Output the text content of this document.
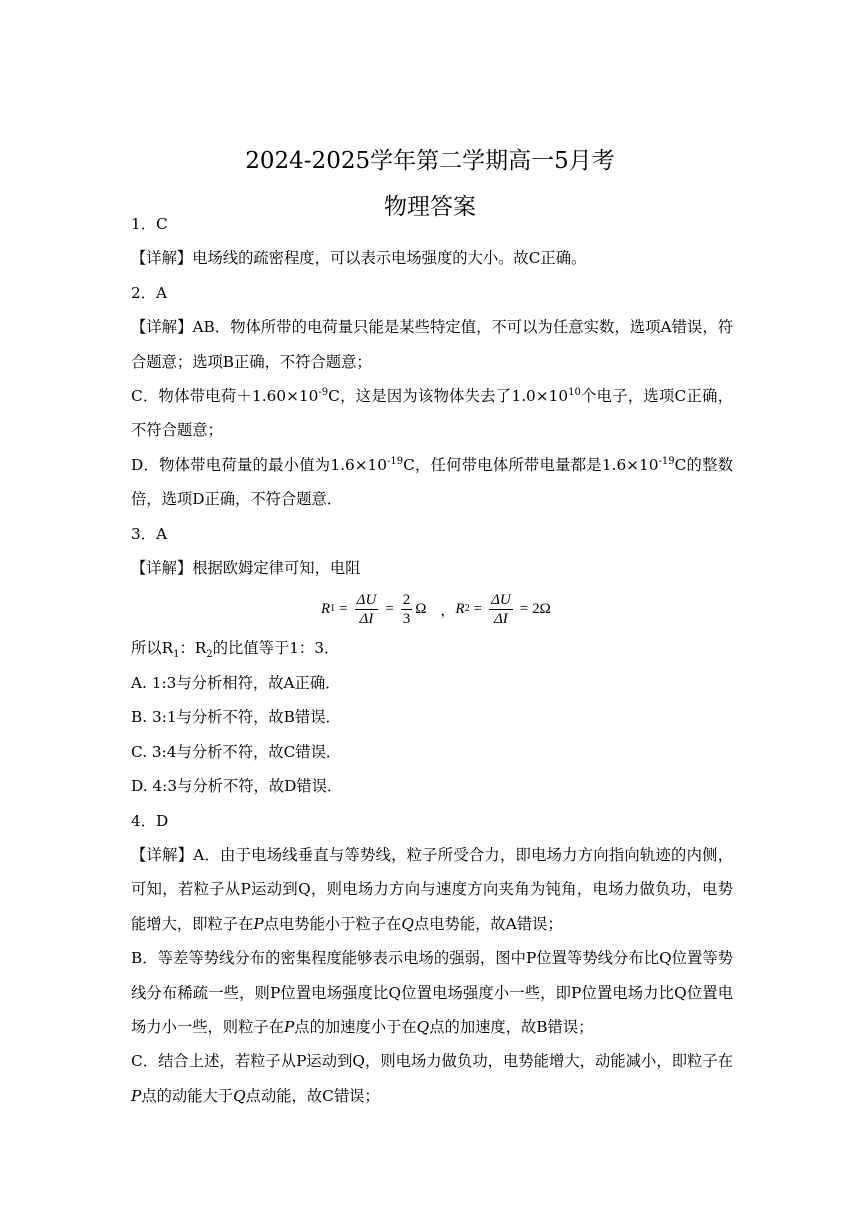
2024-2025学年第二学期高一5月考
物理答案

1．C

【详解】电场线的疏密程度，可以表示电场强度的大小。故C正确。

2．A

【详解】AB．物体所带的电荷量只能是某些特定值，不可以为任意实数，选项A错误，符合题意；选项B正确，不符合题意；

C．物体带电荷$+1.60\times 10^{-9}C$，这是因为该物体失去了$1.0\times 10^{10}$个电子，选项C正确，不符合题意；

D．物体带电荷量的最小值为$1.6\times 10^{-19}C$，任何带电体所带电量都是$1.6\times 10^{-19}C$的整数倍，选项D正确，不符合题意．

3．A

【详解】根据欧姆定律可知，电阻

R $1 = \frac{\Delta U}{\Delta I} = \frac{2}{3}$ Ω ， R $2 = \frac{\Delta U}{\Delta I} = 2\Omega$

所以$R_1$：$R_2$的比值等于1：3．

A. 1:3与分析相符，故A正确．

B. 3:1与分析不符，故B错误．

C. 3:4与分析不符，故C错误．

D. 4:3与分析不符，故D错误．

4．D

【详解】A．由于电场线垂直与等势线，粒子所受合力，即电场力方向指向轨迹的内侧，可知，若粒子从P运动到Q，则电场力方向与速度方向夹角为钝角，电场力做负功，电势能增大，即粒子在P点电势能小于粒子在Q点电势能，故A错误；

B．等差等势线分布的密集程度能够表示电场的强弱，图中P位置等势线分布比Q位置等势线分布稀疏一些，则P位置电场强度比Q位置电场强度小一些，即P位置电场力比Q位置电场力小一些，则粒子在P点的加速度小于在Q点的加速度，故B错误；

C．结合上述，若粒子从P运动到Q，则电场力做负功，电势能增大，动能减小，即粒子在P点的动能大于Q点动能，故C错误；
